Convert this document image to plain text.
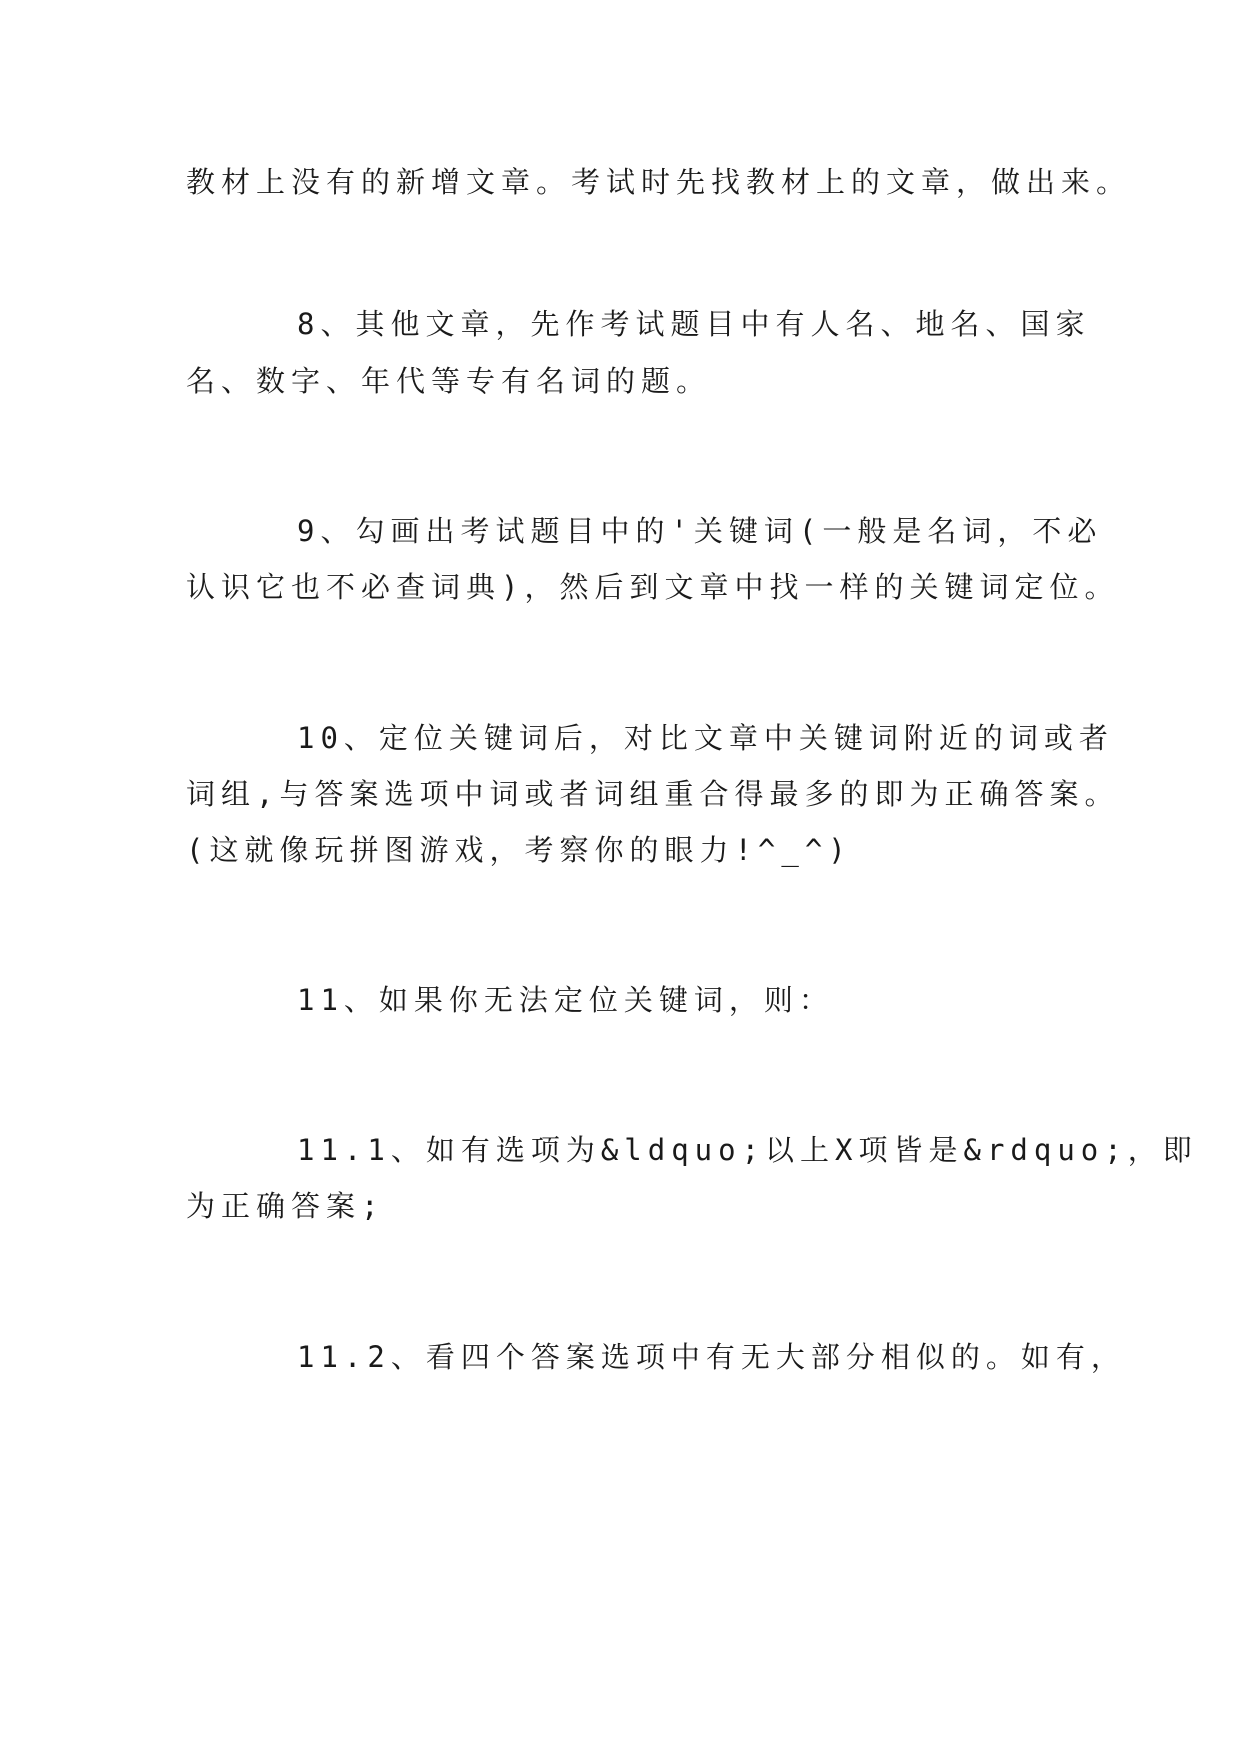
教材上没有的新增文章。考试时先找教材上的文章，做出来。
8、其他文章，先作考试题目中有人名、地名、国家
名、数字、年代等专有名词的题。
9、勾画出考试题目中的'关键词(一般是名词，不必
认识它也不必查词典)，然后到文章中找一样的关键词定位。
10、定位关键词后，对比文章中关键词附近的词或者
词组,与答案选项中词或者词组重合得最多的即为正确答案。
(这就像玩拼图游戏，考察你的眼力!^_^)
11、如果你无法定位关键词，则：
11.1、如有选项为&ldquo;以上X项皆是&rdquo;，即
为正确答案;
11.2、看四个答案选项中有无大部分相似的。如有，
